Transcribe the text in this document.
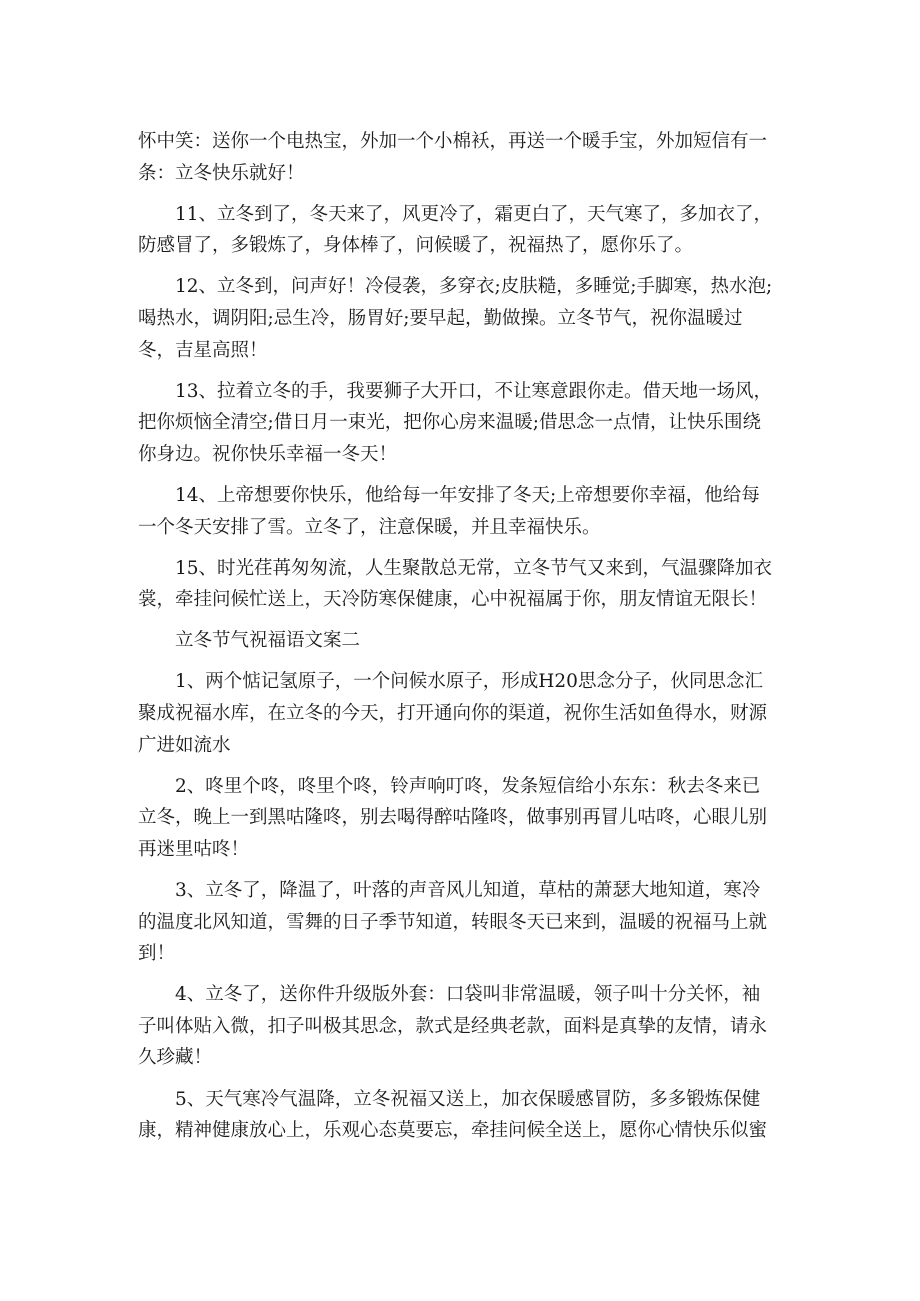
怀中笑：送你一个电热宝，外加一个小棉袄，再送一个暖手宝，外加短信有一条：立冬快乐就好！

11、立冬到了，冬天来了，风更冷了，霜更白了，天气寒了，多加衣了，防感冒了，多锻炼了，身体棒了，问候暖了，祝福热了，愿你乐了。

12、立冬到，问声好！冷侵袭，多穿衣;皮肤糙，多睡觉;手脚寒，热水泡;喝热水，调阴阳;忌生冷，肠胃好;要早起，勤做操。立冬节气，祝你温暖过冬，吉星高照！

13、拉着立冬的手，我要狮子大开口，不让寒意跟你走。借天地一场风，把你烦恼全清空;借日月一束光，把你心房来温暖;借思念一点情，让快乐围绕你身边。祝你快乐幸福一冬天！

14、上帝想要你快乐，他给每一年安排了冬天;上帝想要你幸福，他给每一个冬天安排了雪。立冬了，注意保暖，并且幸福快乐。

15、时光荏苒匆匆流，人生聚散总无常，立冬节气又来到，气温骤降加衣裳，牵挂问候忙送上，天冷防寒保健康，心中祝福属于你，朋友情谊无限长！

立冬节气祝福语文案二

1、两个惦记氢原子，一个问候水原子，形成H20思念分子，伙同思念汇聚成祝福水库，在立冬的今天，打开通向你的渠道，祝你生活如鱼得水，财源广进如流水

2、咚里个咚，咚里个咚，铃声响叮咚，发条短信给小东东：秋去冬来已立冬，晚上一到黑咕隆咚，别去喝得醉咕隆咚，做事别再冒儿咕咚，心眼儿别再迷里咕咚！

3、立冬了，降温了，叶落的声音风儿知道，草枯的萧瑟大地知道，寒冷的温度北风知道，雪舞的日子季节知道，转眼冬天已来到，温暖的祝福马上就到！

4、立冬了，送你件升级版外套：口袋叫非常温暖，领子叫十分关怀，袖子叫体贴入微，扣子叫极其思念，款式是经典老款，面料是真挚的友情，请永久珍藏！

5、天气寒冷气温降，立冬祝福又送上，加衣保暖感冒防，多多锻炼保健康，精神健康放心上，乐观心态莫要忘，牵挂问候全送上，愿你心情快乐似蜜
